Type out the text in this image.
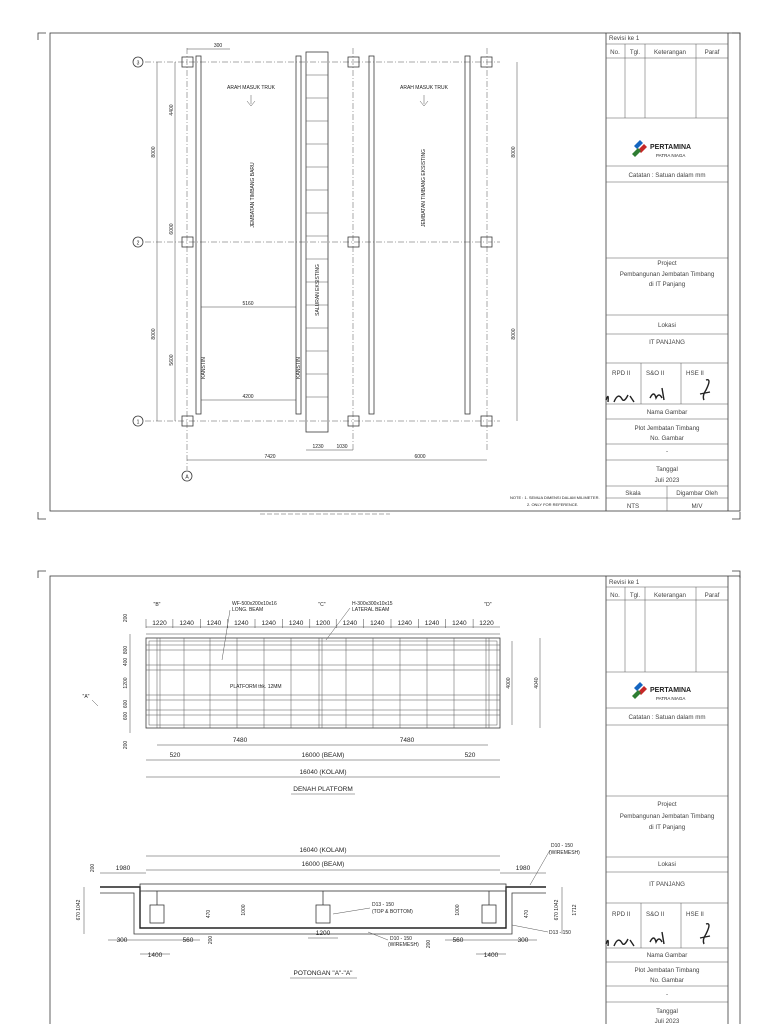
3
2
1
A
ARAH MASUK TRUK	ARAH MASUK TRUK
JEMBATAN TIMBANG BARU	JEMBATAN TIMBANG EKSISTING
SALURAN EKSISTING
KANSTIN	KANSTIN
300
8000
8000
4400
6000
5600
8000
8000
5160
4200
1230	1030
7420	6000
NOTE : 1. SEMUA DIMENSI DALAM MILIMETER.
2. ONLY FOR REFERENCE.
Revisi ke 1
No. Tgl. Keterangan	Paraf
PERTAMINA
PATRA NIAGA
Catatan : Satuan dalam mm
Project
Pembangunan Jembatan Timbang
di IT Panjang
Lokasi
IT PANJANG
RPD II	S&O II	HSE II
Nama Gambar
Plot Jembatan Timbang
No. Gambar
-
Tanggal
Juli 2023
Skala	Digambar Oleh
NTS	M/V
1220 1240 1240 1240 1240 1240 1200 1240 1240 1240 1240 1240 1220
"B"	"C"	"D"
"A"
WF-500x200x10x16
LONG. BEAM
H-300x300x10x15
LATERAL BEAM
PLATFORM thk. 12MM
200
800
400
1200
600
600
200
4000	4040
7480	7480
520	520
16000 (BEAM)
16040 (KOLAM)
DENAH PLATFORM
16040 (KOLAM)
16000 (BEAM)
1980	1980
D10 - 150
(WIREMESH)
D13 - 150
(TOP & BOTTOM)
D10 - 150
(WIREMESH)
D13 - 150
670 1042
200
670 1042 1712
470	470
1000	1000
200	200
300	560	560	300
1200
1400	1400
POTONGAN "A"-"A"
Revisi ke 1
No. Tgl. Keterangan	Paraf
PERTAMINA
PATRA NIAGA
Catatan : Satuan dalam mm
Project
Pembangunan Jembatan Timbang
di IT Panjang
Lokasi
IT PANJANG
RPD II	S&O II	HSE II
Nama Gambar
Plot Jembatan Timbang
No. Gambar
-
Tanggal
Juli 2023
